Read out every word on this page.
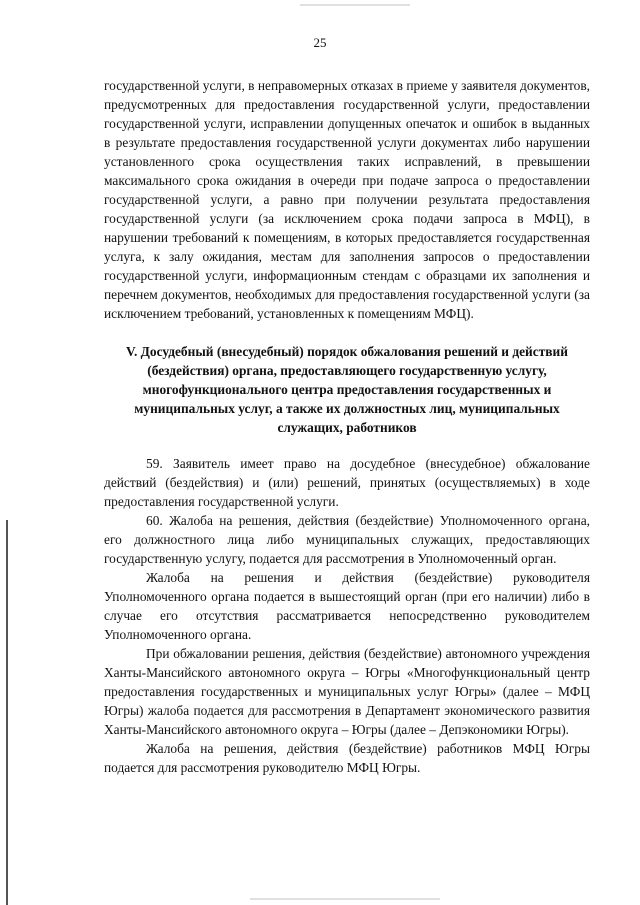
25

государственной услуги, в неправомерных отказах в приеме у заявителя документов, предусмотренных для предоставления государственной услуги, предоставлении государственной услуги, исправлении допущенных опечаток и ошибок в выданных в результате предоставления государственной услуги документах либо нарушении установленного срока осуществления таких исправлений, в превышении максимального срока ожидания в очереди при подаче запроса о предоставлении государственной услуги, а равно при получении результата предоставления государственной услуги (за исключением срока подачи запроса в МФЦ), в нарушении требований к помещениям, в которых предоставляется государственная услуга, к залу ожидания, местам для заполнения запросов о предоставлении государственной услуги, информационным стендам с образцами их заполнения и перечнем документов, необходимых для предоставления государственной услуги (за исключением требований, установленных к помещениям МФЦ).

V. Досудебный (внесудебный) порядок обжалования решений и действий (бездействия) органа, предоставляющего государственную услугу, многофункционального центра предоставления государственных и муниципальных услуг, а также их должностных лиц, муниципальных служащих, работников

59. Заявитель имеет право на досудебное (внесудебное) обжалование действий (бездействия) и (или) решений, принятых (осуществляемых) в ходе предоставления государственной услуги.

60. Жалоба на решения, действия (бездействие) Уполномоченного органа, его должностного лица либо муниципальных служащих, предоставляющих государственную услугу, подается для рассмотрения в Уполномоченный орган.

Жалоба на решения и действия (бездействие) руководителя Уполномоченного органа подается в вышестоящий орган (при его наличии) либо в случае его отсутствия рассматривается непосредственно руководителем Уполномоченного органа.

При обжаловании решения, действия (бездействие) автономного учреждения Ханты-Мансийского автономного округа – Югры «Многофункциональный центр предоставления государственных и муниципальных услуг Югры» (далее – МФЦ Югры) жалоба подается для рассмотрения в Департамент экономического развития Ханты-Мансийского автономного округа – Югры (далее – Депэкономики Югры).

Жалоба на решения, действия (бездействие) работников МФЦ Югры подается для рассмотрения руководителю МФЦ Югры.
